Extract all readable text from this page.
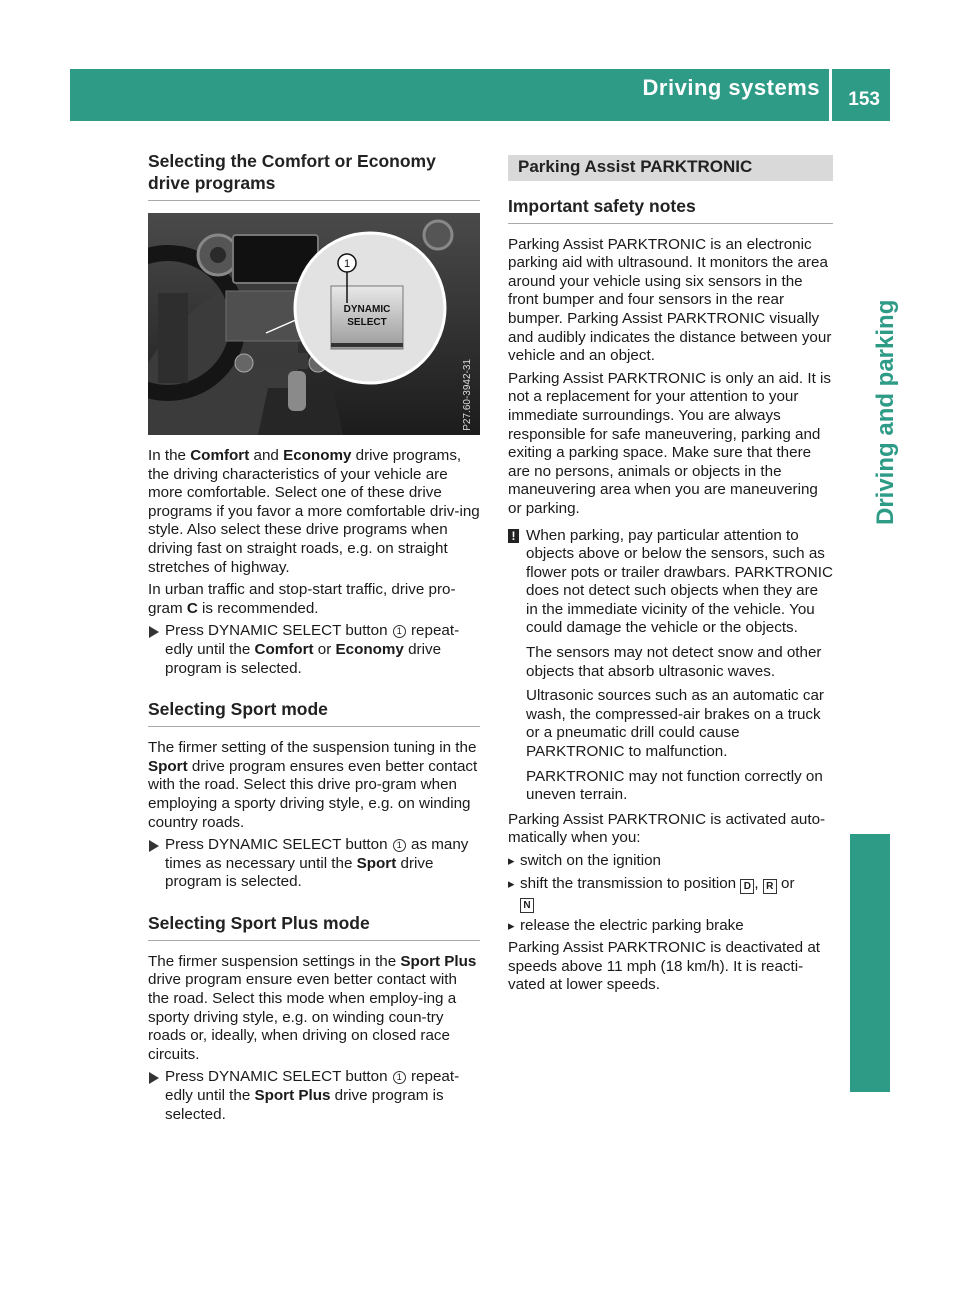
Driving systems 153
Driving and parking
Selecting the Comfort or Economy
drive programs
1
DYNAMIC
SELECT
P27.60-3942-31

In the Comfort and Economy drive programs, the driving characteristics of your vehicle are more comfortable. Select one of these drive programs if you favor a more comfortable driv-ing style. Also select these drive programs when driving fast on straight roads, e.g. on straight stretches of highway.

In urban traffic and stop-start traffic, drive pro-gram C is recommended.

Press DYNAMIC SELECT button 1 repeat-edly until the Comfort or Economy drive program is selected.
Selecting Sport mode

The firmer setting of the suspension tuning in the Sport drive program ensures even better contact with the road. Select this drive pro-gram when employing a sporty driving style, e.g. on winding country roads.

Press DYNAMIC SELECT button 1 as many times as necessary until the Sport drive program is selected.
Selecting Sport Plus mode

The firmer suspension settings in the Sport Plus drive program ensure even better contact with the road. Select this mode when employ-ing a sporty driving style, e.g. on winding coun-try roads or, ideally, when driving on closed race circuits.

Press DYNAMIC SELECT button 1 repeat-edly until the Sport Plus drive program is selected.
Parking Assist PARKTRONIC
Important safety notes

Parking Assist PARKTRONIC is an electronic parking aid with ultrasound. It monitors the area around your vehicle using six sensors in the front bumper and four sensors in the rear bumper. Parking Assist PARKTRONIC visually and audibly indicates the distance between your vehicle and an object.

Parking Assist PARKTRONIC is only an aid. It is not a replacement for your attention to your immediate surroundings. You are always responsible for safe maneuvering, parking and exiting a parking space. Make sure that there are no persons, animals or objects in the maneuvering area when you are maneuvering or parking.

! When parking, pay particular attention to objects above or below the sensors, such as flower pots or trailer drawbars. PARKTRONIC does not detect such objects when they are in the immediate vicinity of the vehicle. You could damage the vehicle or the objects.

The sensors may not detect snow and other objects that absorb ultrasonic waves.

Ultrasonic sources such as an automatic car wash, the compressed-air brakes on a truck or a pneumatic drill could cause PARKTRONIC to malfunction.

PARKTRONIC may not function correctly on uneven terrain.

Parking Assist PARKTRONIC is activated auto-matically when you:

▸ switch on the ignition
▸ shift the transmission to position D , R or
N
▸ release the electric parking brake

Parking Assist PARKTRONIC is deactivated at speeds above 11 mph (18 km/h). It is reacti-vated at lower speeds.
